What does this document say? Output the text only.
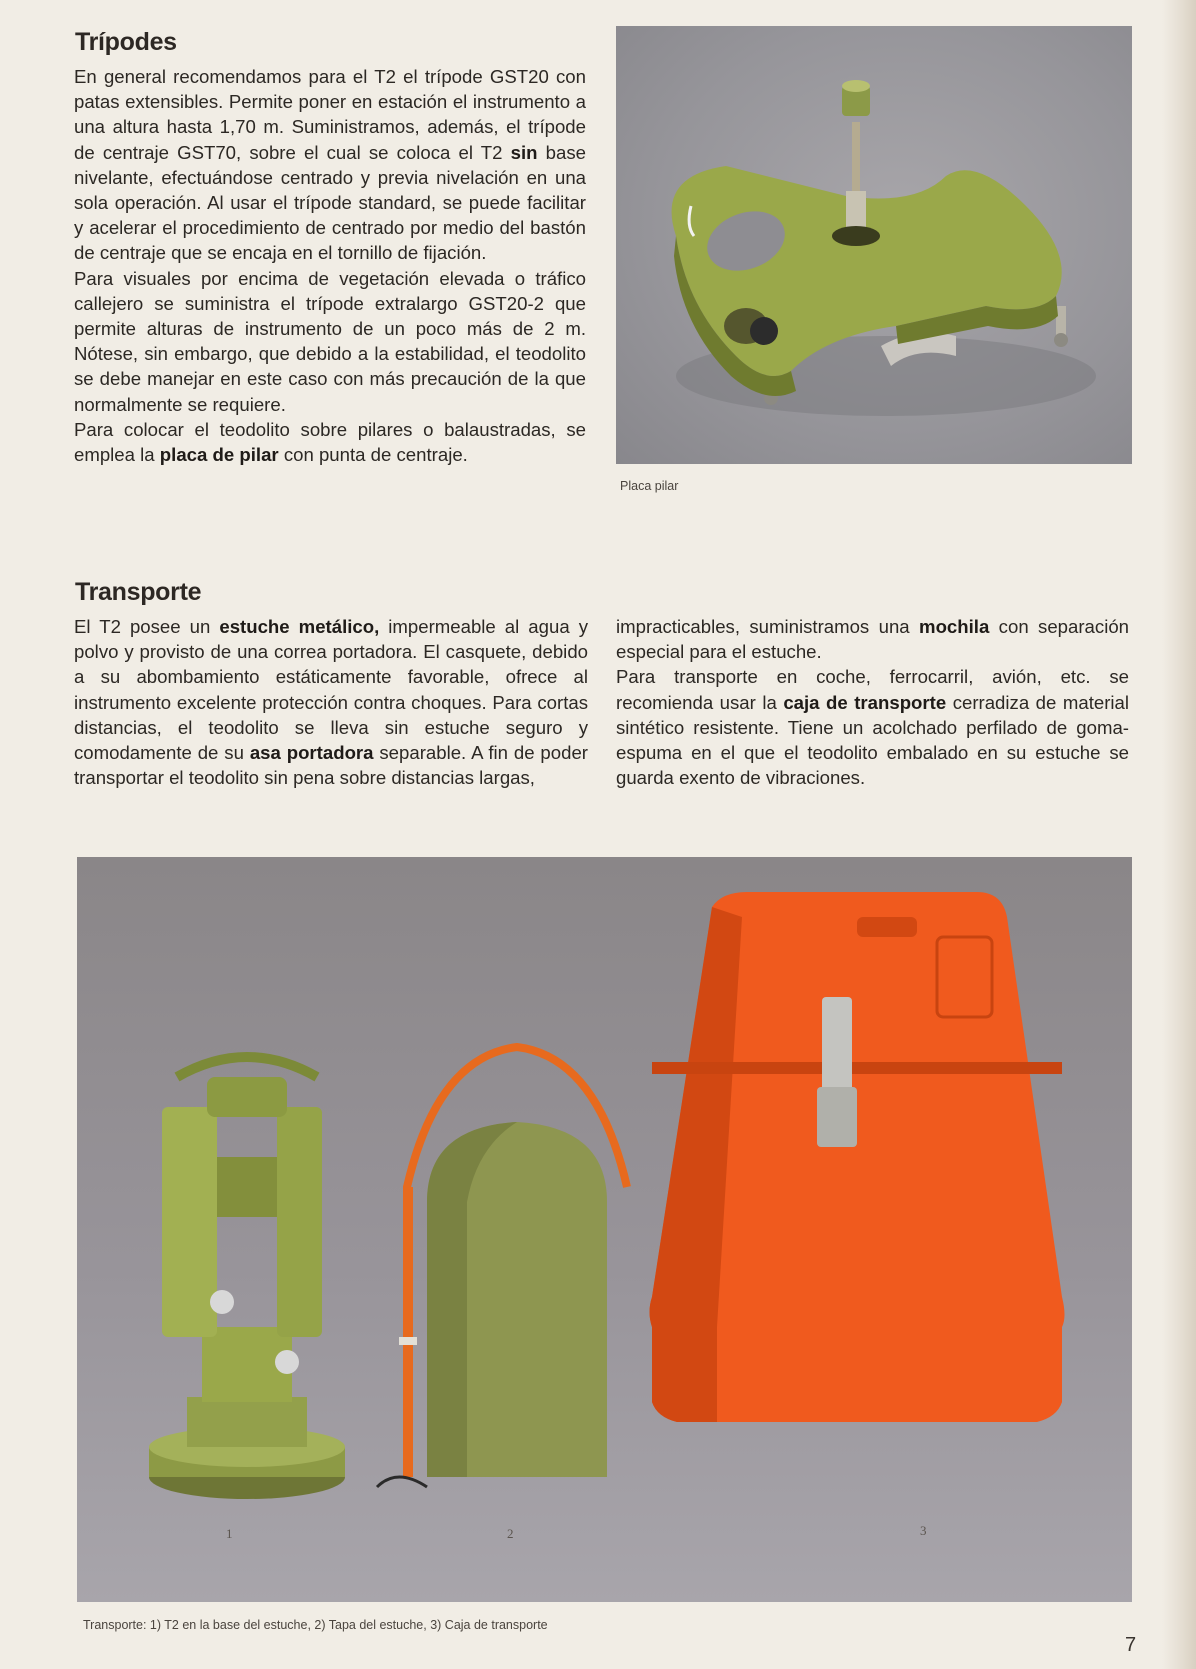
Trípodes

En general recomendamos para el T2 el trípode GST20 con patas extensibles. Permite poner en estación el instrumento a una altura hasta 1,70 m. Suministramos, además, el trípode de centraje GST70, sobre el cual se coloca el T2 sin base nivelante, efectuándose centrado y previa nivelación en una sola operación. Al usar el trípode standard, se puede facilitar y acelerar el procedimiento de centrado por medio del bastón de centraje que se encaja en el tornillo de fijación.

Para visuales por encima de vegetación elevada o tráfico callejero se suministra el trípode extralargo GST20-2 que permite alturas de instrumento de un poco más de 2 m. Nótese, sin embargo, que debido a la estabilidad, el teodolito se debe manejar en este caso con más precaución de la que normalmente se requiere.

Para colocar el teodolito sobre pilares o balaustradas, se emplea la placa de pilar con punta de centraje.

Placa pilar
Transporte

El T2 posee un estuche metálico, impermeable al agua y polvo y provisto de una correa portadora. El casquete, debido a su abombamiento estáticamente favorable, ofrece al instrumento excelente protección contra choques. Para cortas distancias, el teodolito se lleva sin estuche seguro y comodamente de su asa portadora separable. A fin de poder transportar el teodolito sin pena sobre distancias largas,

impracticables, suministramos una mochila con separación especial para el estuche.

Para transporte en coche, ferrocarril, avión, etc. se recomienda usar la caja de transporte cerradiza de material sintético resistente. Tiene un acolchado perfilado de goma-espuma en el que el teodolito embalado en su estuche se guarda exento de vibraciones.

1	2	3
Transporte: 1) T2 en la base del estuche, 2) Tapa del estuche, 3) Caja de transporte
7
